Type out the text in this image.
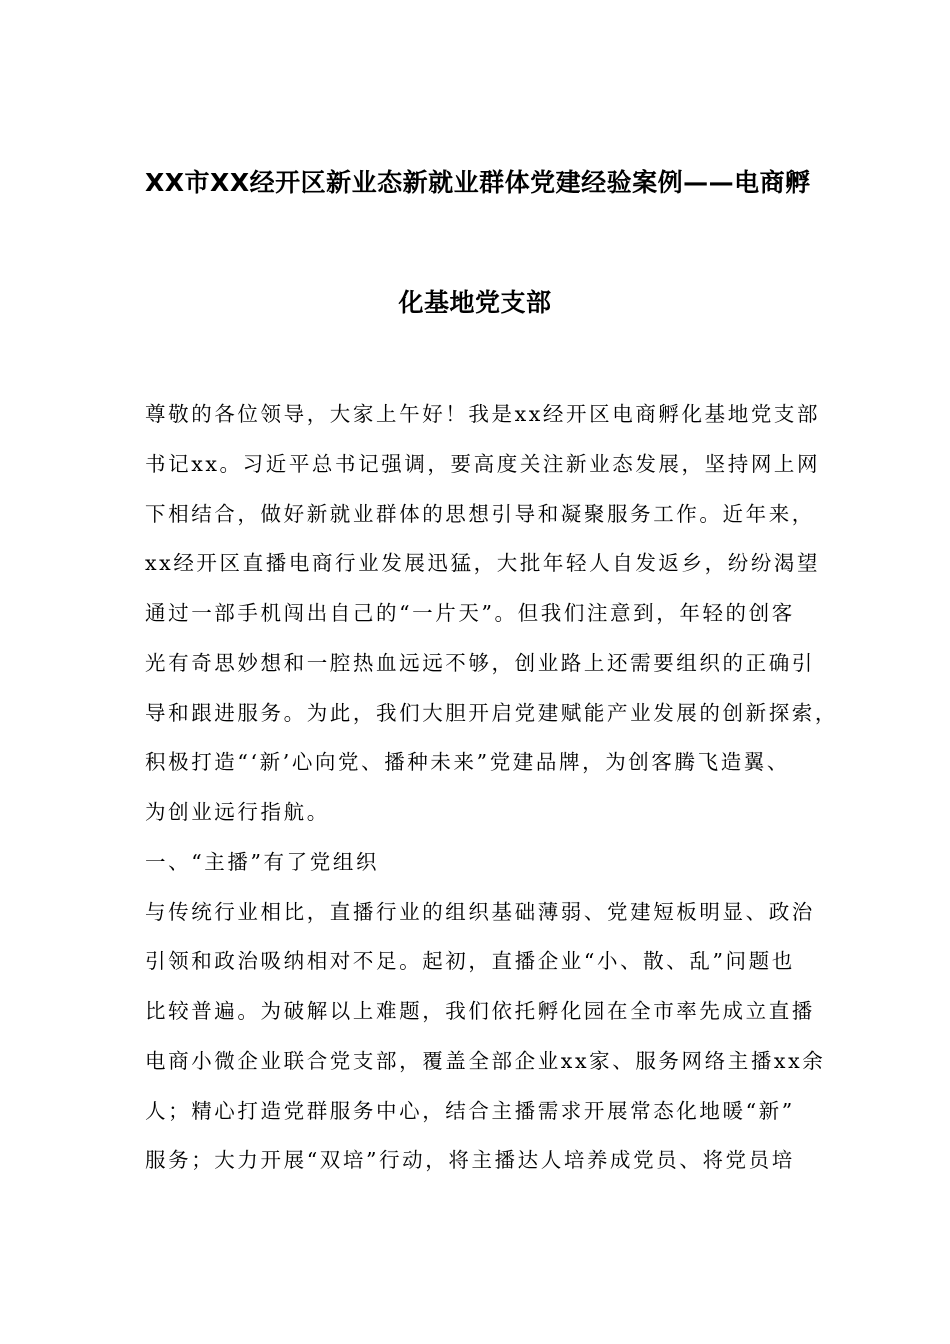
XX市XX经开区新业态新就业群体党建经验案例——电商孵
化基地党支部
尊敬的各位领导，大家上午好！我是xx经开区电商孵化基地党支部
书记xx。习近平总书记强调，要高度关注新业态发展，坚持网上网
下相结合，做好新就业群体的思想引导和凝聚服务工作。近年来，
xx经开区直播电商行业发展迅猛，大批年轻人自发返乡，纷纷渴望
通过一部手机闯出自己的“一片天”。但我们注意到，年轻的创客
光有奇思妙想和一腔热血远远不够，创业路上还需要组织的正确引
导和跟进服务。为此，我们大胆开启党建赋能产业发展的创新探索，
积极打造“‘新’心向党、播种未来”党建品牌，为创客腾飞造翼、
为创业远行指航。
一、“主播”有了党组织
与传统行业相比，直播行业的组织基础薄弱、党建短板明显、政治
引领和政治吸纳相对不足。起初，直播企业“小、散、乱”问题也
比较普遍。为破解以上难题，我们依托孵化园在全市率先成立直播
电商小微企业联合党支部，覆盖全部企业xx家、服务网络主播xx余
人；精心打造党群服务中心，结合主播需求开展常态化地暖“新”
服务；大力开展“双培”行动，将主播达人培养成党员、将党员培
